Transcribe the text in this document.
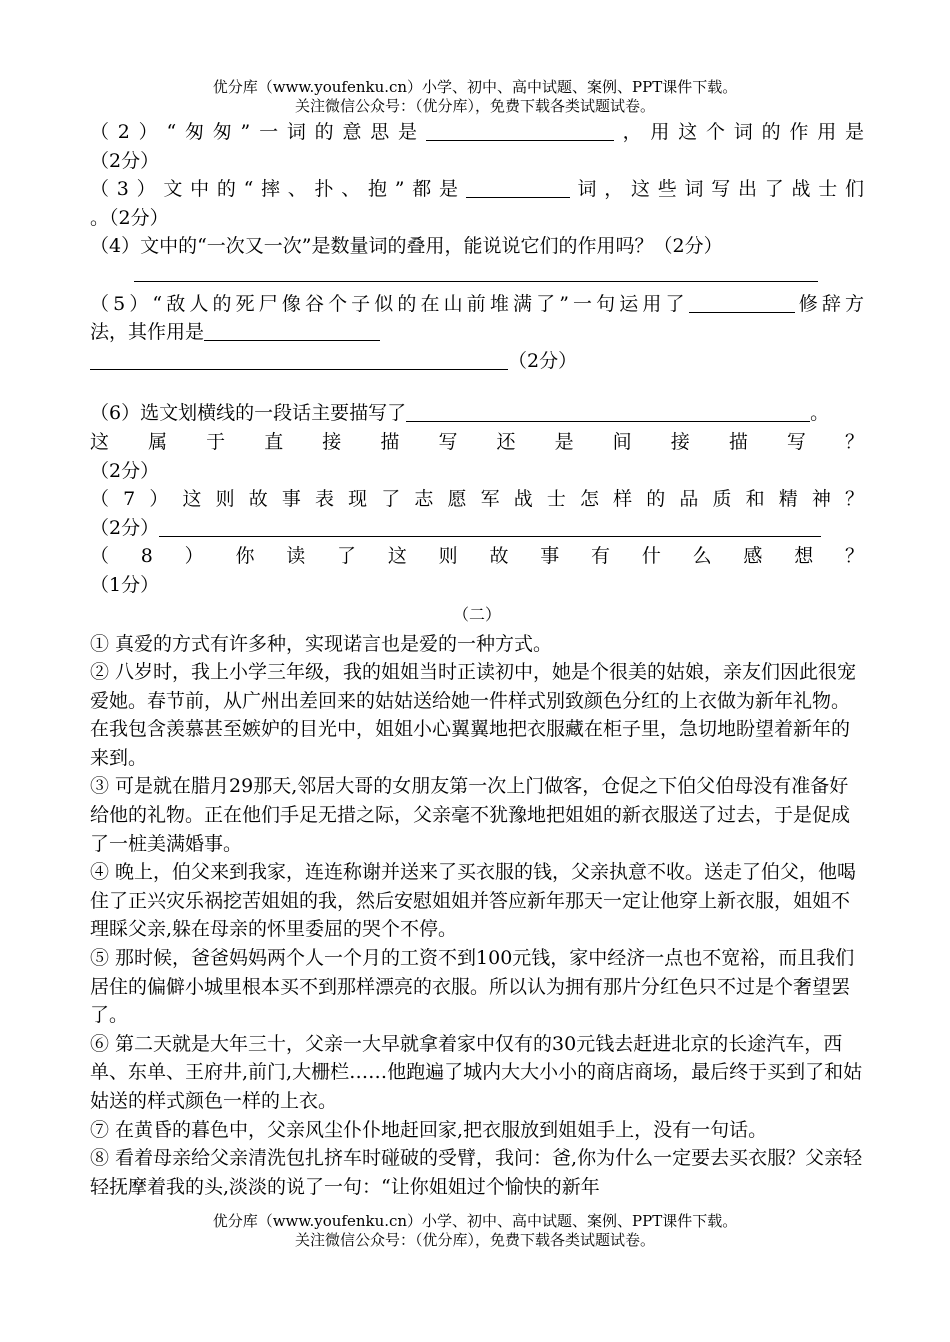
优分库（www.youfenku.cn）小学、初中、高中试题、案例、PPT课件下载。
关注微信公众号：（优分库），免费下载各类试题试卷。

（2）“匆匆”一词的意思是	，用这个词的作用是

（2分）

（3）文中的“摔、扑、抱”都是	词，这些词写出了战士们

。（2分）

（4）文中的“一次又一次”是数量词的叠用，能说说它们的作用吗？（2分）

（5）“敌人的死尸像谷个子似的在山前堆满了”一句运用了	修辞方

法，其作用是

（2分）

（6）选文划横线的一段话主要描写了	。

这属于直接描写还是间接描写？

（2分）

（7）这则故事表现了志愿军战士怎样的品质和精神？

（2分）

（8）你读了这则故事有什么感想？

（1分）

（二）

① 真爱的方式有许多种，实现诺言也是爱的一种方式。

② 八岁时，我上小学三年级，我的姐姐当时正读初中，她是个很美的姑娘，亲友们因此很宠爱她。春节前，从广州出差回来的姑姑送给她一件样式别致颜色分红的上衣做为新年礼物。在我包含羡慕甚至嫉妒的目光中，姐姐小心翼翼地把衣服藏在柜子里，急切地盼望着新年的来到。

③ 可是就在腊月29那天,邻居大哥的女朋友第一次上门做客，仓促之下伯父伯母没有准备好给他的礼物。正在他们手足无措之际，父亲毫不犹豫地把姐姐的新衣服送了过去，于是促成了一桩美满婚事。

④ 晚上，伯父来到我家，连连称谢并送来了买衣服的钱，父亲执意不收。送走了伯父，他喝住了正兴灾乐祸挖苦姐姐的我，然后安慰姐姐并答应新年那天一定让他穿上新衣服，姐姐不理睬父亲,躲在母亲的怀里委屈的哭个不停。

⑤ 那时候，爸爸妈妈两个人一个月的工资不到100元钱，家中经济一点也不宽裕，而且我们居住的偏僻小城里根本买不到那样漂亮的衣服。所以认为拥有那片分红色只不过是个奢望罢了。

⑥ 第二天就是大年三十，父亲一大早就拿着家中仅有的30元钱去赶进北京的长途汽车，西单、东单、王府井,前门,大栅栏……他跑遍了城内大大小小的商店商场，最后终于买到了和姑姑送的样式颜色一样的上衣。

⑦ 在黄昏的暮色中，父亲风尘仆仆地赶回家,把衣服放到姐姐手上，没有一句话。

⑧ 看着母亲给父亲清洗包扎挤车时碰破的受臂，我问：爸,你为什么一定要去买衣服？父亲轻轻抚摩着我的头,淡淡的说了一句：“让你姐姐过个愉快的新年

优分库（www.youfenku.cn）小学、初中、高中试题、案例、PPT课件下载。
关注微信公众号：（优分库），免费下载各类试题试卷。
